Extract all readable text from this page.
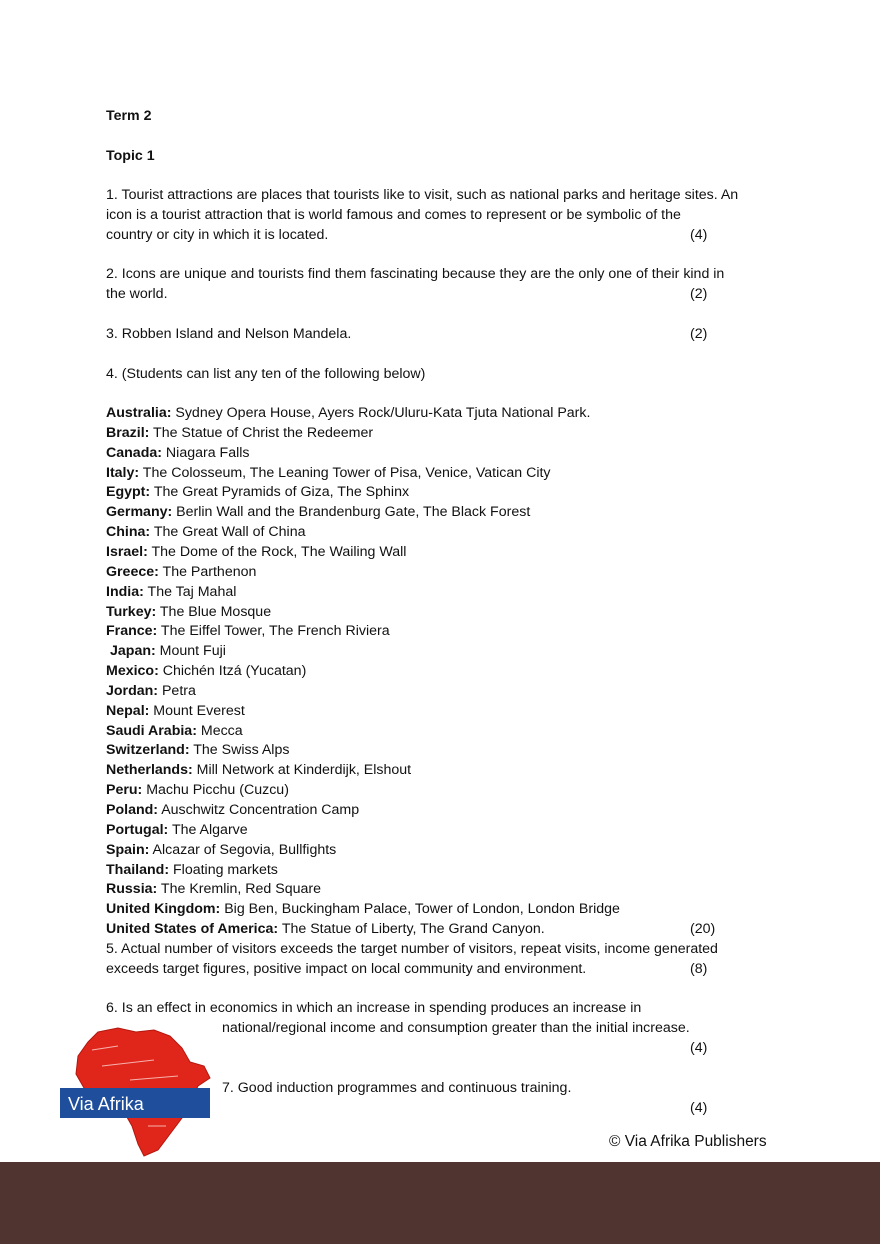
Term 2
Topic 1
1. Tourist attractions are places that tourists like to visit, such as national parks and heritage sites. An
icon is a tourist attraction that is world famous and comes to represent or be symbolic of the
country or city in which it is located.	(4)
2. Icons are unique and tourists find them fascinating because they are the only one of their kind in
the world.	(2)
3. Robben Island and Nelson Mandela.	(2)
4. (Students can list any ten of the following below)
Australia: Sydney Opera House, Ayers Rock/Uluru-Kata Tjuta National Park.
Brazil: The Statue of Christ the Redeemer
Canada: Niagara Falls
Italy: The Colosseum, The Leaning Tower of Pisa, Venice, Vatican City
Egypt: The Great Pyramids of Giza, The Sphinx
Germany: Berlin Wall and the Brandenburg Gate, The Black Forest
China: The Great Wall of China
Israel: The Dome of the Rock, The Wailing Wall
Greece: The Parthenon
India: The Taj Mahal
Turkey: The Blue Mosque
France: The Eiffel Tower, The French Riviera
Japan: Mount Fuji
Mexico: Chichén Itzá (Yucatan)
Jordan: Petra
Nepal: Mount Everest
Saudi Arabia: Mecca
Switzerland: The Swiss Alps
Netherlands: Mill Network at Kinderdijk, Elshout
Peru: Machu Picchu (Cuzcu)
Poland: Auschwitz Concentration Camp
Portugal: The Algarve
Spain: Alcazar of Segovia, Bullfights
Thailand: Floating markets
Russia: The Kremlin, Red Square
United Kingdom: Big Ben, Buckingham Palace, Tower of London, London Bridge
United States of America: The Statue of Liberty, The Grand Canyon.	(20)
5. Actual number of visitors exceeds the target number of visitors, repeat visits, income generated
exceeds target figures, positive impact on local community and environment.	(8)
6. Is an effect in economics in which an increase in spending produces an increase in
national/regional income and consumption greater than the initial increase.
(4)
7. Good induction programmes and continuous training.
(4)
Via Afrika
© Via Afrika Publishers
